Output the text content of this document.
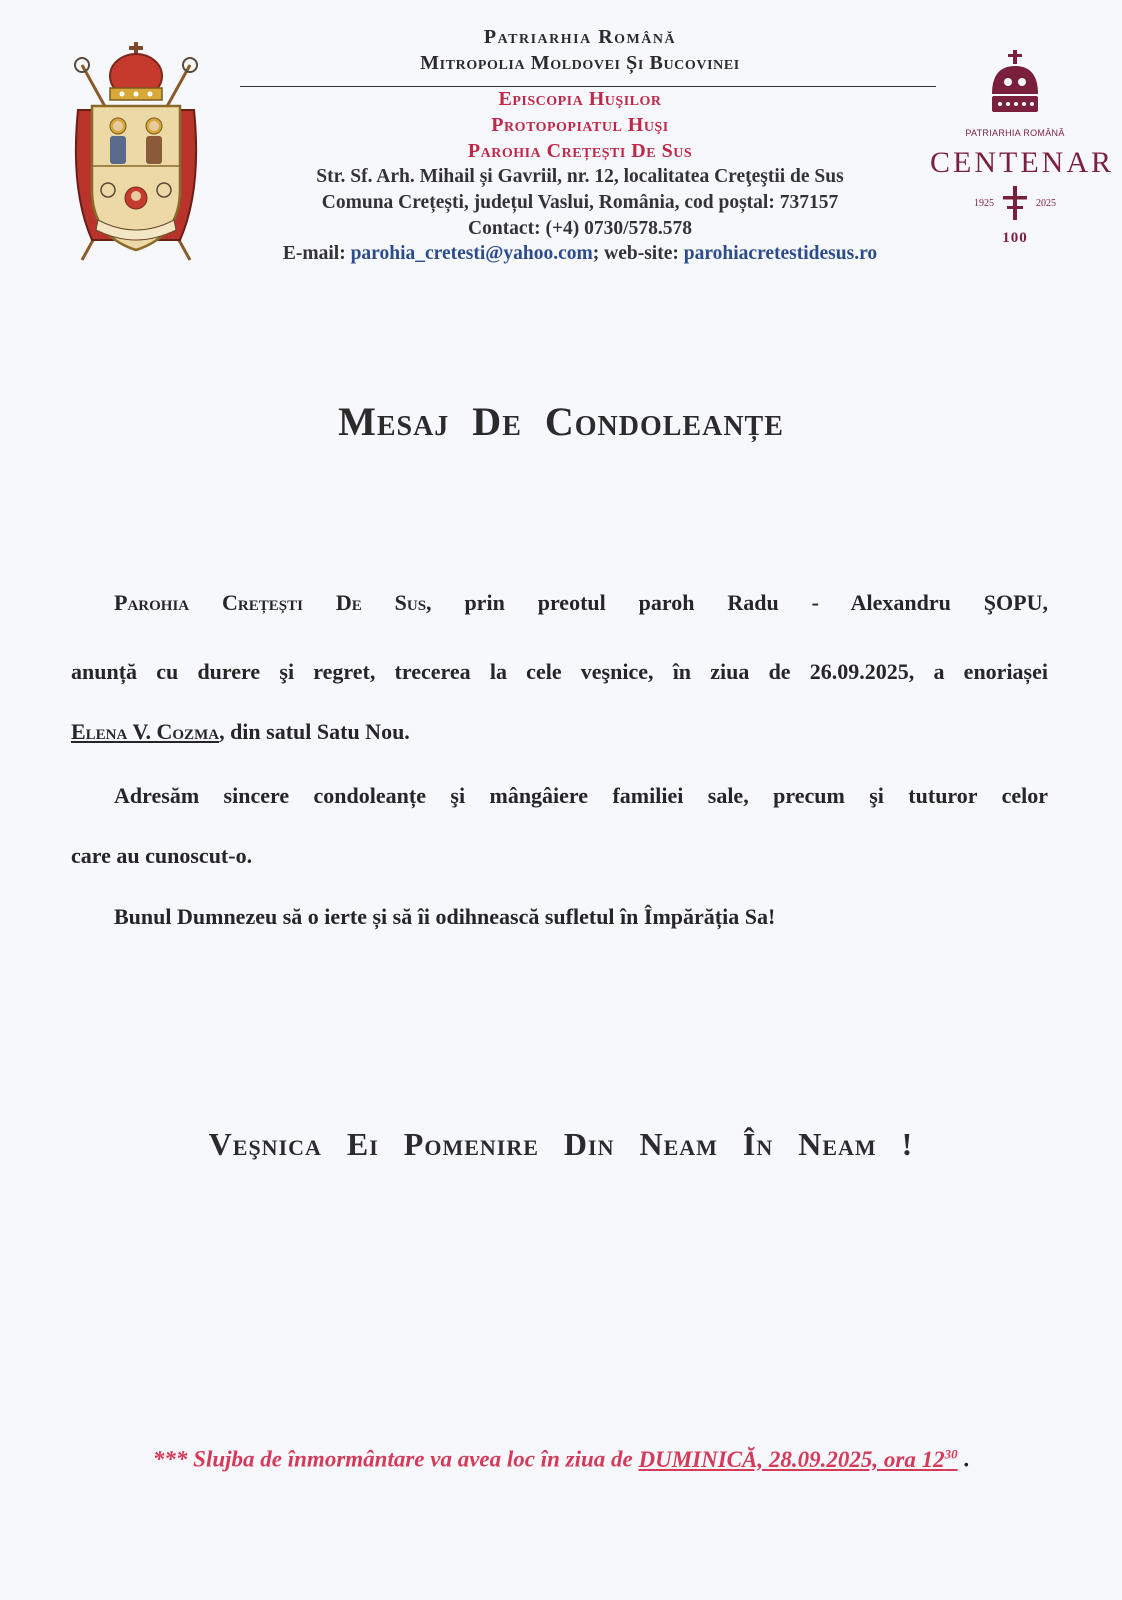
Patriarhia Română
Mitropolia Moldovei Și Bucovinei
Episcopia Huşilor
Protopopiatul Huşi
Parohia Crețești De Sus
Str. Sf. Arh. Mihail și Gavriil, nr. 12, localitatea Creţeştii de Sus
Comuna Crețești, județul Vaslui, România, cod poștal: 737157
Contact: (+4) 0730/578.578
E-mail: parohia_cretesti@yahoo.com; web-site: parohiacretestidesus.ro
PATRIARHIA ROMÂNĂ
CENTENAR
1925	2025
100
Mesaj De Condoleanțe
Parohia Crețești De Sus, prin preotul paroh Radu - Alexandru ŞOPU,
anunță cu durere şi regret, trecerea la cele veşnice, în ziua de 26.09.2025, a enoriașei
Elena V. Cozma, din satul Satu Nou.
Adresăm sincere condoleanțe şi mângâiere familiei sale, precum şi tuturor celor
care au cunoscut-o.
Bunul Dumnezeu să o ierte și să îi odihnească sufletul în Împărăția Sa!
Veşnica Ei Pomenire Din Neam În Neam !
*** Slujba de înmormântare va avea loc în ziua de DUMINICĂ, 28.09.2025, ora $12^{30}$ .
